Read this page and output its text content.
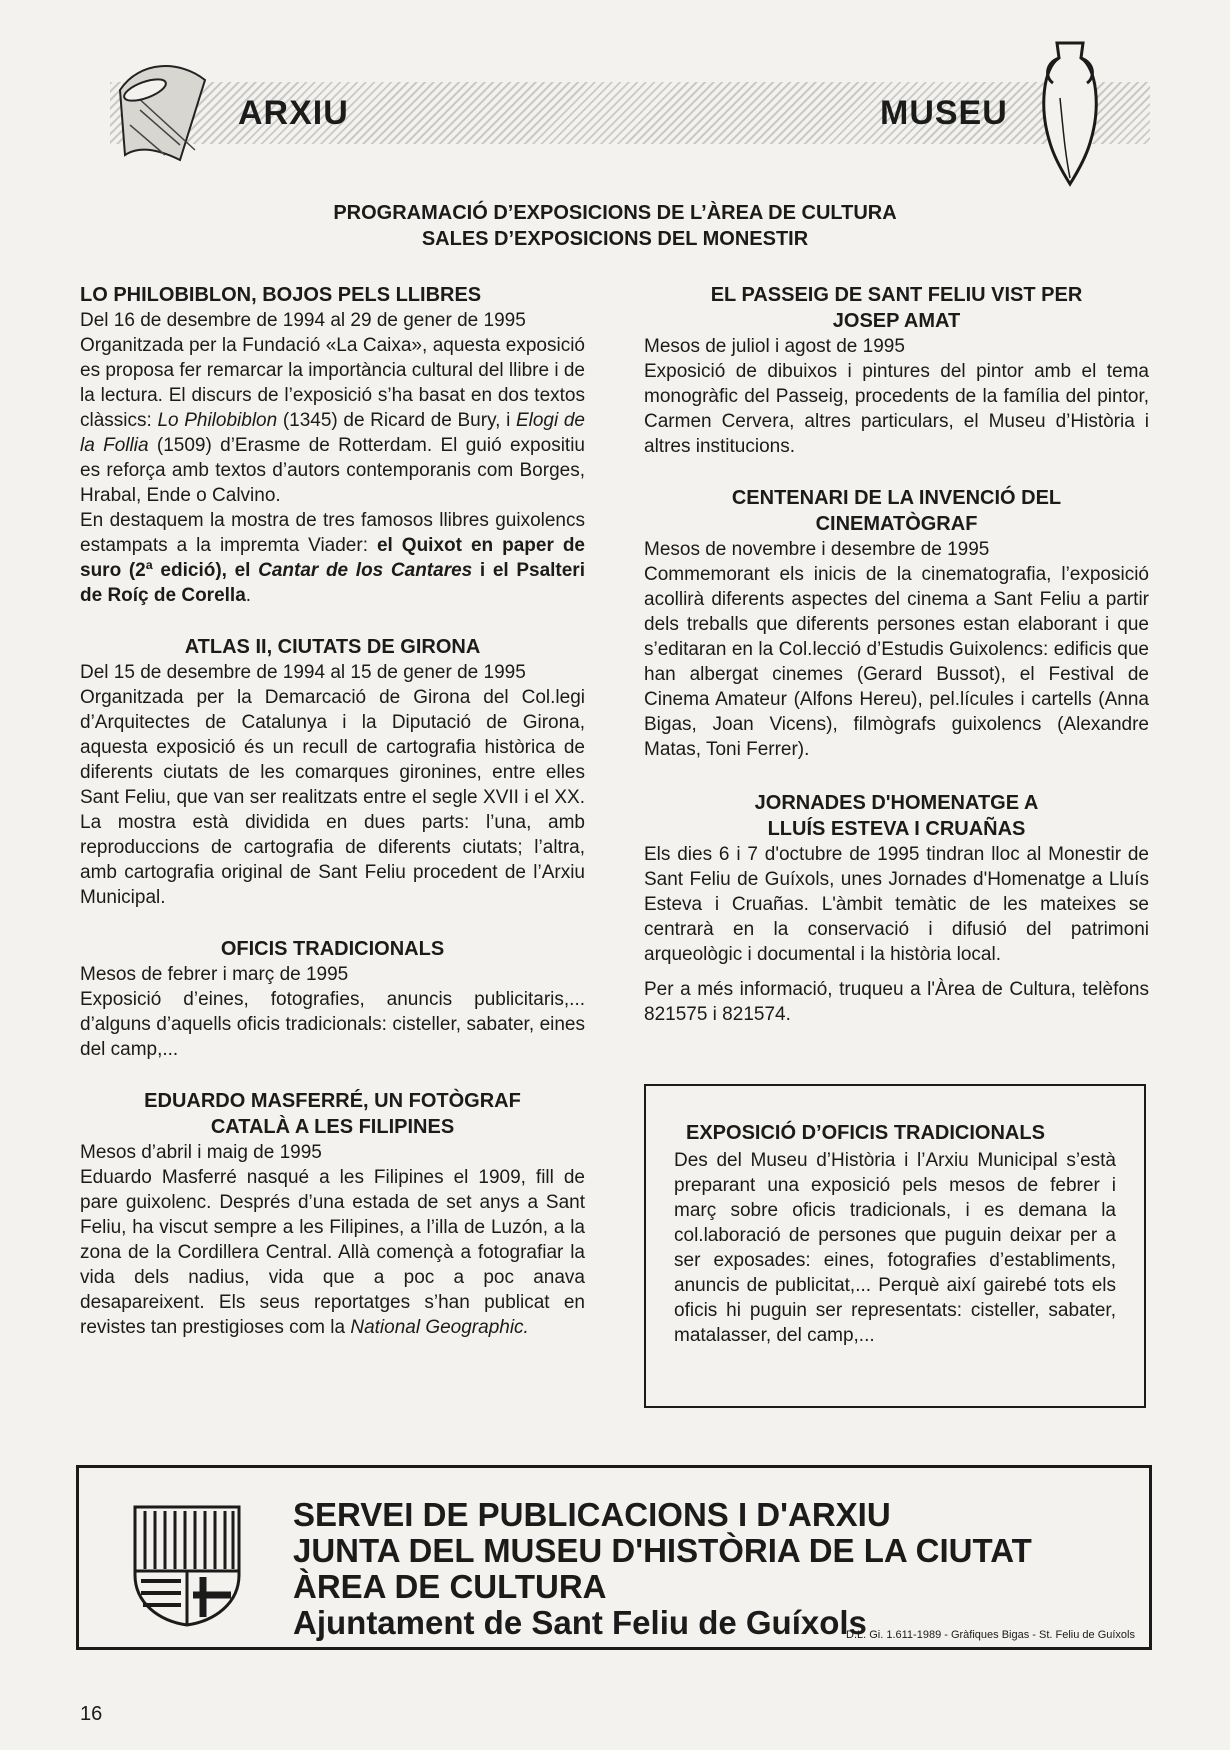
ARXIU	MUSEU
PROGRAMACIÓ D’EXPOSICIONS DE L’ÀREA DE CULTURA
SALES D’EXPOSICIONS DEL MONESTIR

LO PHILOBIBLON, BOJOS PELS LLIBRES

Del 16 de desembre de 1994 al 29 de gener de 1995

Organitzada per la Fundació «La Caixa», aquesta exposició es proposa fer remarcar la importància cultural del llibre i de la lectura. El discurs de l’exposició s’ha basat en dos textos clàssics: Lo Philobiblon (1345) de Ricard de Bury, i Elogi de la Follia (1509) d’Erasme de Rotterdam. El guió expositiu es reforça amb textos d’autors contemporanis com Borges, Hrabal, Ende o Calvino.

En destaquem la mostra de tres famosos llibres guixolencs estampats a la impremta Viader: el Quixot en paper de suro (2ª edició), el Cantar de los Cantares i el Psalteri de Roíç de Corella.

ATLAS II, CIUTATS DE GIRONA

Del 15 de desembre de 1994 al 15 de gener de 1995

Organitzada per la Demarcació de Girona del Col.legi d’Arquitectes de Catalunya i la Diputació de Girona, aquesta exposició és un recull de cartografia històrica de diferents ciutats de les comarques gironines, entre elles Sant Feliu, que van ser realitzats entre el segle XVII i el XX. La mostra està dividida en dues parts: l’una, amb reproduccions de cartografia de diferents ciutats; l’altra, amb cartografia original de Sant Feliu procedent de l’Arxiu Municipal.

OFICIS TRADICIONALS

Mesos de febrer i març de 1995

Exposició d’eines, fotografies, anuncis publicitaris,... d’alguns d’aquells oficis tradicionals: cisteller, sabater, eines del camp,...

EDUARDO MASFERRÉ, UN FOTÒGRAF

CATALÀ A LES FILIPINES

Mesos d’abril i maig de 1995

Eduardo Masferré nasqué a les Filipines el 1909, fill de pare guixolenc. Després d’una estada de set anys a Sant Feliu, ha viscut sempre a les Filipines, a l’illa de Luzón, a la zona de la Cordillera Central. Allà començà a fotografiar la vida dels nadius, vida que a poc a poc anava desapareixent. Els seus reportatges s’han publicat en revistes tan prestigioses com la National Geographic.

EL PASSEIG DE SANT FELIU VIST PER

JOSEP AMAT

Mesos de juliol i agost de 1995

Exposició de dibuixos i pintures del pintor amb el tema monogràfic del Passeig, procedents de la família del pintor, Carmen Cervera, altres particulars, el Museu d’Història i altres institucions.

CENTENARI DE LA INVENCIÓ DEL

CINEMATÒGRAF

Mesos de novembre i desembre de 1995

Commemorant els inicis de la cinematografia, l’exposició acollirà diferents aspectes del cinema a Sant Feliu a partir dels treballs que diferents persones estan elaborant i que s’editaran en la Col.lecció d’Estudis Guixolencs: edificis que han albergat cinemes (Gerard Bussot), el Festival de Cinema Amateur (Alfons Hereu), pel.lícules i cartells (Anna Bigas, Joan Vicens), filmògrafs guixolencs (Alexandre Matas, Toni Ferrer).

JORNADES D'HOMENATGE A

LLUÍS ESTEVA I CRUAÑAS

Els dies 6 i 7 d'octubre de 1995 tindran lloc al Monestir de Sant Feliu de Guíxols, unes Jornades d'Homenatge a Lluís Esteva i Cruañas. L'àmbit temàtic de les mateixes se centrarà en la conservació i difusió del patrimoni arqueològic i documental i la història local.

Per a més informació, truqueu a l'Àrea de Cultura, telèfons 821575 i 821574.

EXPOSICIÓ D’OFICIS TRADICIONALS

Des del Museu d’Història i l’Arxiu Municipal s’està preparant una exposició pels mesos de febrer i març sobre oficis tradicionals, i es demana la col.laboració de persones que puguin deixar per a ser exposades: eines, fotografies d’establiments, anuncis de publicitat,... Perquè així gairebé tots els oficis hi puguin ser representats: cisteller, sabater, matalasser, del camp,...

SERVEI DE PUBLICACIONS I D'ARXIU
JUNTA DEL MUSEU D'HISTÒRIA DE LA CIUTAT
ÀREA DE CULTURA
Ajuntament de Sant Feliu de Guíxols
D.L. Gi. 1.611-1989 - Gràfiques Bigas - St. Feliu de Guíxols
16
